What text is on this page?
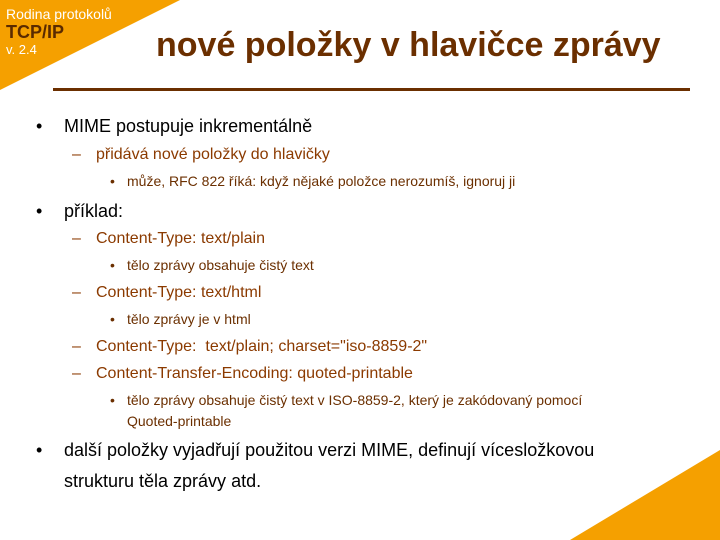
Rodina protokolů
TCP/IP
v. 2.4	nové položky v hlavičce zprávy
• MIME postupuje inkrementálně
– přidává nové položky do hlavičky
• může, RFC 822 říká: když nějaké položce nerozumíš, ignoruj ji
• příklad:
– Content-Type: text/plain
• tělo zprávy obsahuje čistý text
– Content-Type: text/html
• tělo zprávy je v html
– Content-Type:  text/plain; charset="iso-8859-2"
– Content-Transfer-Encoding: quoted-printable
• tělo zprávy obsahuje čistý text v ISO-8859-2, který je zakódovaný pomocí
Quoted-printable
• další položky vyjadřují použitou verzi MIME, definují vícesložkovou
strukturu těla zprávy atd.
